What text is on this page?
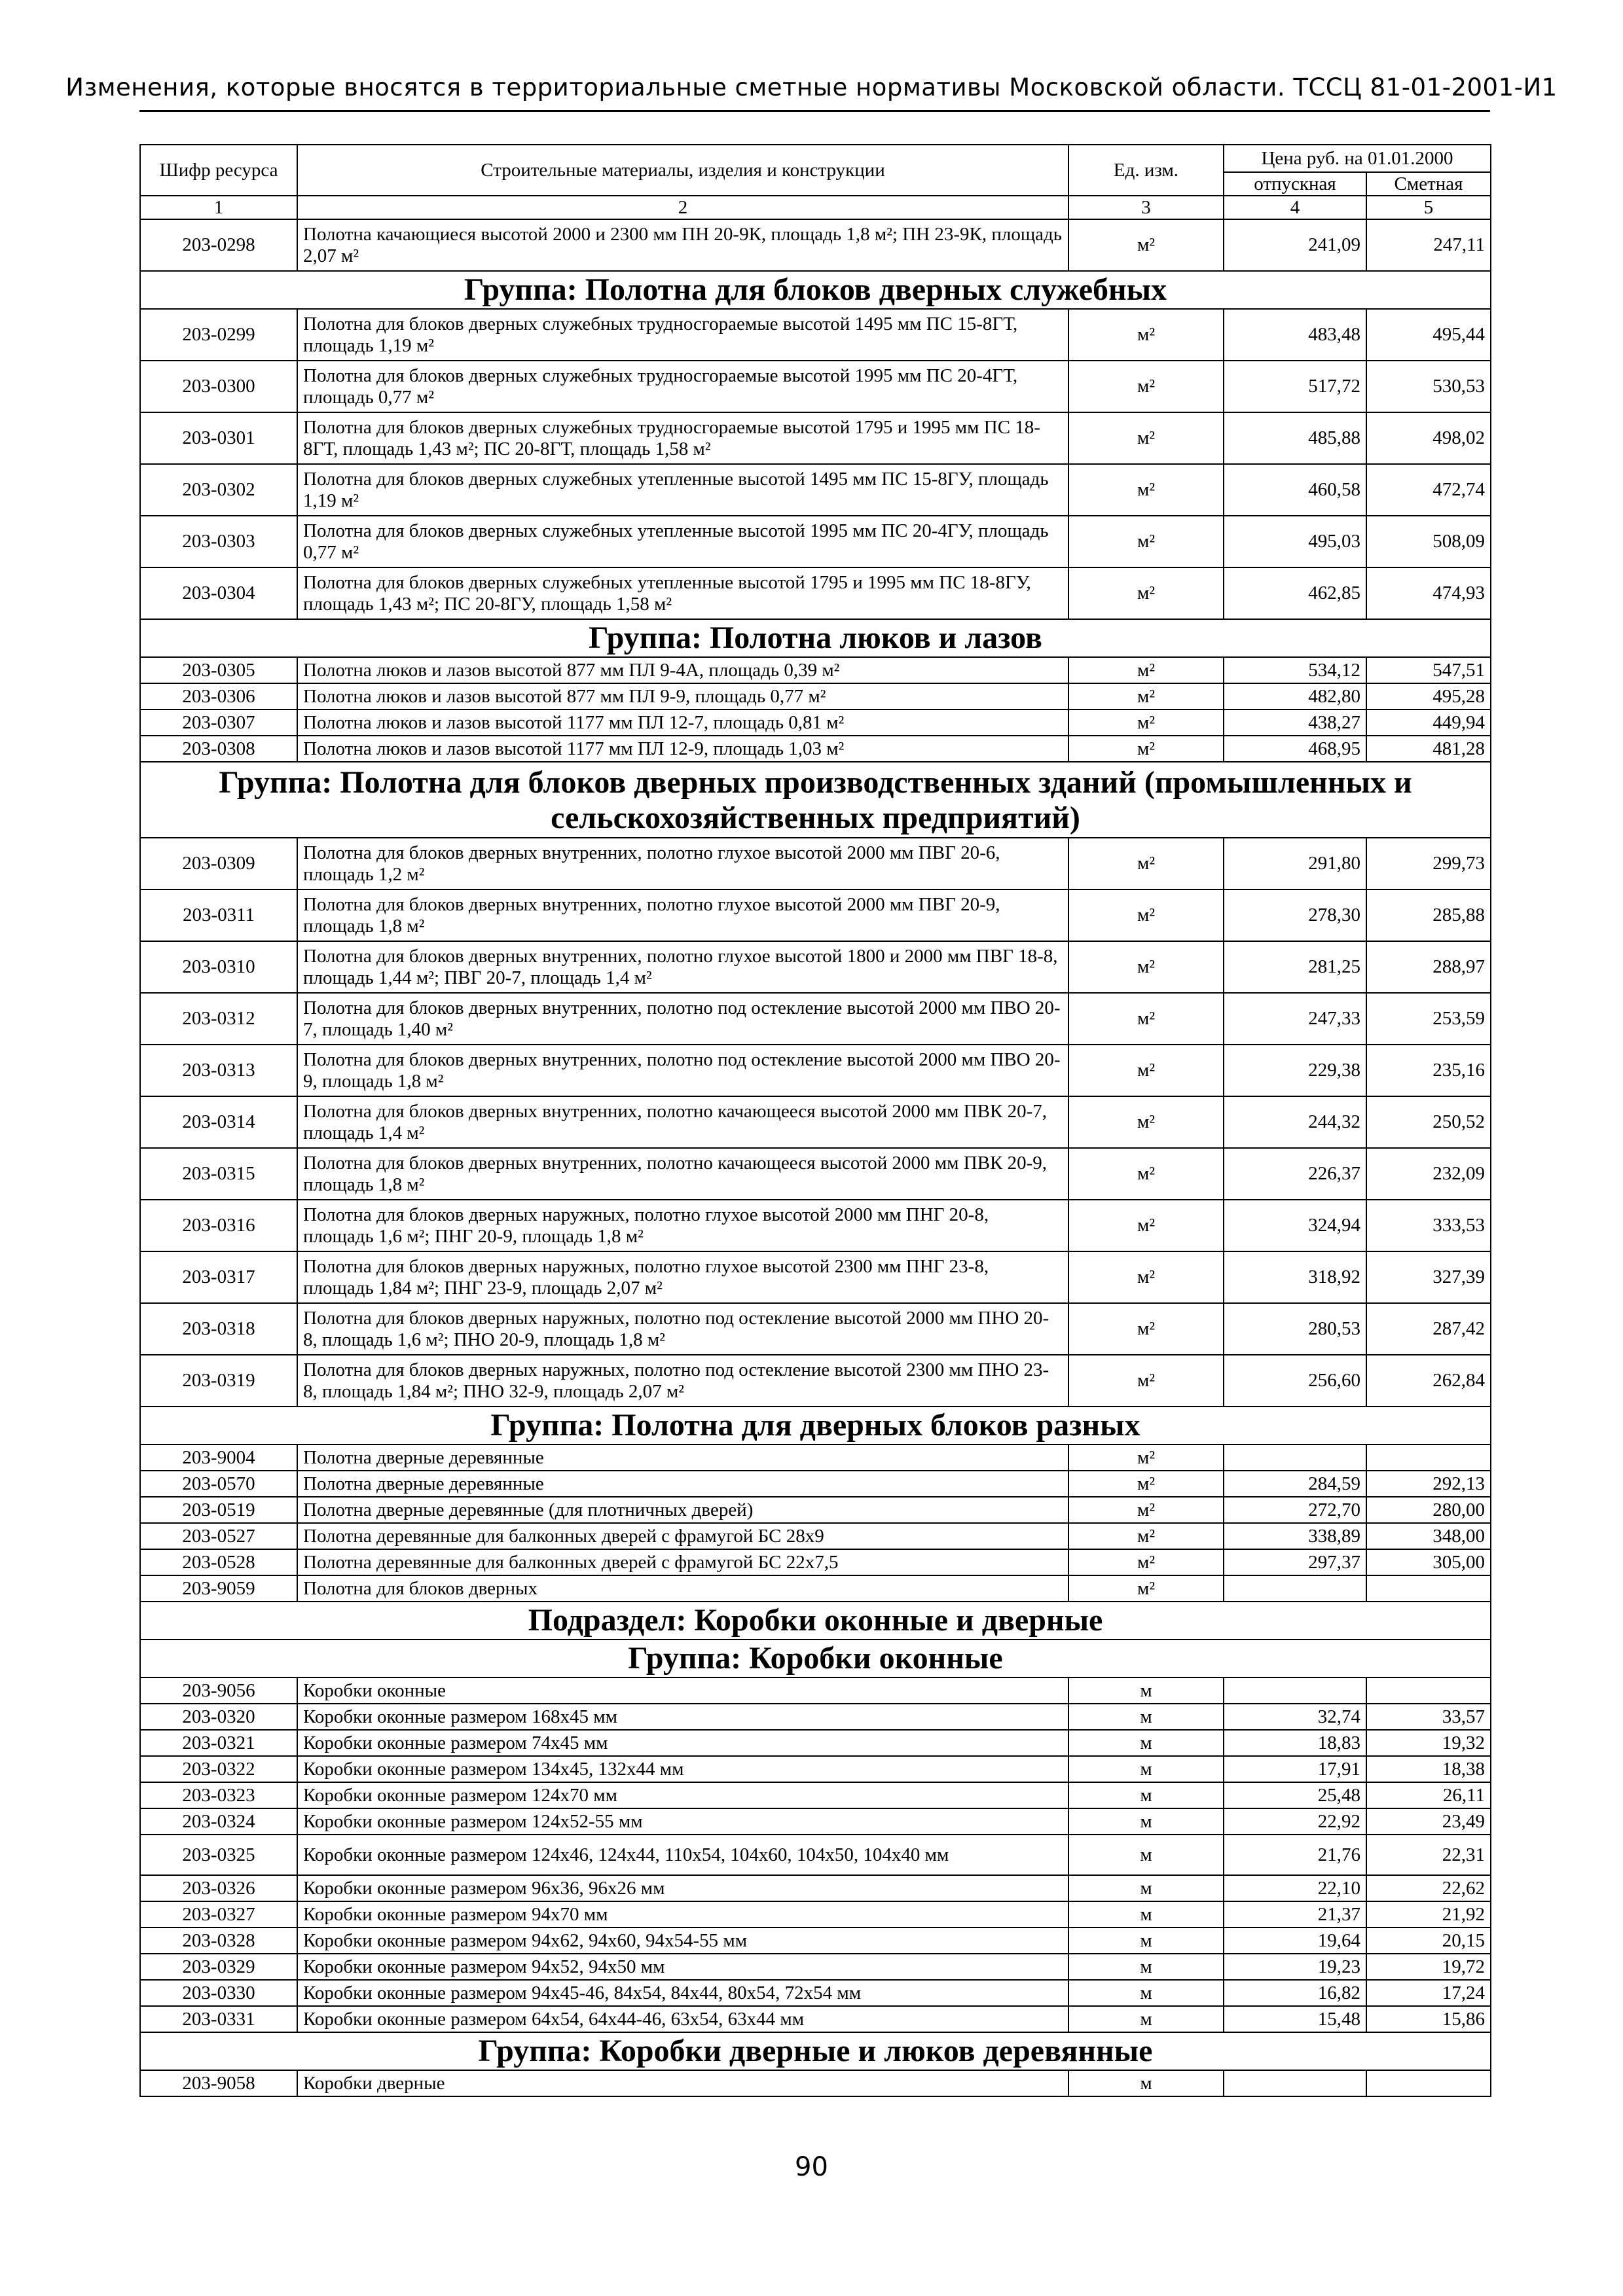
Изменения, которые вносятся в территориальные сметные нормативы Московской области. ТССЦ 81-01-2001-И1
Шифр ресурса	Строительные материалы, изделия и конструкции	Ед. изм.	Цена руб. на 01.01.2000	
			отпускная	Сметная
1	2	3	4	5
203-0298	Полотна качающиеся высотой 2000 и 2300 мм ПН 20-9К, площадь 1,8 м²; ПН 23-9К, площадь 2,07 м²	м²	241,09	247,11
Группа: Полотна для блоков дверных служебных				
203-0299	Полотна для блоков дверных служебных трудносгораемые высотой 1495 мм ПС 15-8ГТ, площадь 1,19 м²	м²	483,48	495,44
203-0300	Полотна для блоков дверных служебных трудносгораемые высотой 1995 мм ПС 20-4ГТ, площадь 0,77 м²	м²	517,72	530,53
203-0301	Полотна для блоков дверных служебных трудносгораемые высотой 1795 и 1995 мм ПС 18-8ГТ, площадь 1,43 м²; ПС 20-8ГТ, площадь 1,58 м²	м²	485,88	498,02
203-0302	Полотна для блоков дверных служебных утепленные высотой 1495 мм ПС 15-8ГУ, площадь 1,19 м²	м²	460,58	472,74
203-0303	Полотна для блоков дверных служебных утепленные высотой 1995 мм ПС 20-4ГУ, площадь 0,77 м²	м²	495,03	508,09
203-0304	Полотна для блоков дверных служебных утепленные высотой 1795 и 1995 мм ПС 18-8ГУ, площадь 1,43 м²; ПС 20-8ГУ, площадь 1,58 м²	м²	462,85	474,93
Группа: Полотна люков и лазов				
203-0305	Полотна люков и лазов высотой 877 мм ПЛ 9-4А, площадь 0,39 м²	м²	534,12	547,51
203-0306	Полотна люков и лазов высотой 877 мм ПЛ 9-9, площадь 0,77 м²	м²	482,80	495,28
203-0307	Полотна люков и лазов высотой 1177 мм ПЛ 12-7, площадь 0,81 м²	м²	438,27	449,94
203-0308	Полотна люков и лазов высотой 1177 мм ПЛ 12-9, площадь 1,03 м²	м²	468,95	481,28
Группа: Полотна для блоков дверных производственных зданий (промышленных и сельскохозяйственных предприятий)				
203-0309	Полотна для блоков дверных внутренних, полотно глухое высотой 2000 мм ПВГ 20-6, площадь 1,2 м²	м²	291,80	299,73
203-0311	Полотна для блоков дверных внутренних, полотно глухое высотой 2000 мм ПВГ 20-9, площадь 1,8 м²	м²	278,30	285,88
203-0310	Полотна для блоков дверных внутренних, полотно глухое высотой 1800 и 2000 мм ПВГ 18-8, площадь 1,44 м²; ПВГ 20-7, площадь 1,4 м²	м²	281,25	288,97
203-0312	Полотна для блоков дверных внутренних, полотно под остекление высотой 2000 мм ПВО 20-7, площадь 1,40 м²	м²	247,33	253,59
203-0313	Полотна для блоков дверных внутренних, полотно под остекление высотой 2000 мм ПВО 20-9, площадь 1,8 м²	м²	229,38	235,16
203-0314	Полотна для блоков дверных внутренних, полотно качающееся высотой 2000 мм ПВК 20-7, площадь 1,4 м²	м²	244,32	250,52
203-0315	Полотна для блоков дверных внутренних, полотно качающееся высотой 2000 мм ПВК 20-9, площадь 1,8 м²	м²	226,37	232,09
203-0316	Полотна для блоков дверных наружных, полотно глухое высотой 2000 мм ПНГ 20-8, площадь 1,6 м²; ПНГ 20-9, площадь 1,8 м²	м²	324,94	333,53
203-0317	Полотна для блоков дверных наружных, полотно глухое высотой 2300 мм ПНГ 23-8, площадь 1,84 м²; ПНГ 23-9, площадь 2,07 м²	м²	318,92	327,39
203-0318	Полотна для блоков дверных наружных, полотно под остекление высотой 2000 мм ПНО 20-8, площадь 1,6 м²; ПНО 20-9, площадь 1,8 м²	м²	280,53	287,42
203-0319	Полотна для блоков дверных наружных, полотно под остекление высотой 2300 мм ПНО 23-8, площадь 1,84 м²; ПНО 32-9, площадь 2,07 м²	м²	256,60	262,84
Группа: Полотна для дверных блоков разных				
203-9004	Полотна дверные деревянные	м²		
203-0570	Полотна дверные деревянные	м²	284,59	292,13
203-0519	Полотна дверные деревянные (для плотничных дверей)	м²	272,70	280,00
203-0527	Полотна деревянные для балконных дверей с фрамугой БС 28х9	м²	338,89	348,00
203-0528	Полотна деревянные для балконных дверей с фрамугой БС 22х7,5	м²	297,37	305,00
203-9059	Полотна для блоков дверных	м²		
Подраздел: Коробки оконные и дверные				
Группа: Коробки оконные				
203-9056	Коробки оконные	м		
203-0320	Коробки оконные размером 168х45 мм	м	32,74	33,57
203-0321	Коробки оконные размером 74х45 мм	м	18,83	19,32
203-0322	Коробки оконные размером 134х45, 132х44 мм	м	17,91	18,38
203-0323	Коробки оконные размером 124х70 мм	м	25,48	26,11
203-0324	Коробки оконные размером 124х52-55 мм	м	22,92	23,49
203-0325	Коробки оконные размером 124х46, 124х44, 110х54, 104х60, 104х50, 104х40 мм	м	21,76	22,31
203-0326	Коробки оконные размером 96х36, 96х26 мм	м	22,10	22,62
203-0327	Коробки оконные размером 94х70 мм	м	21,37	21,92
203-0328	Коробки оконные размером 94х62, 94х60, 94х54-55 мм	м	19,64	20,15
203-0329	Коробки оконные размером 94х52, 94х50 мм	м	19,23	19,72
203-0330	Коробки оконные размером 94х45-46, 84х54, 84х44, 80х54, 72х54 мм	м	16,82	17,24
203-0331	Коробки оконные размером 64х54, 64х44-46, 63х54, 63х44 мм	м	15,48	15,86
Группа: Коробки дверные и люков деревянные				
203-9058	Коробки дверные	м		
90
